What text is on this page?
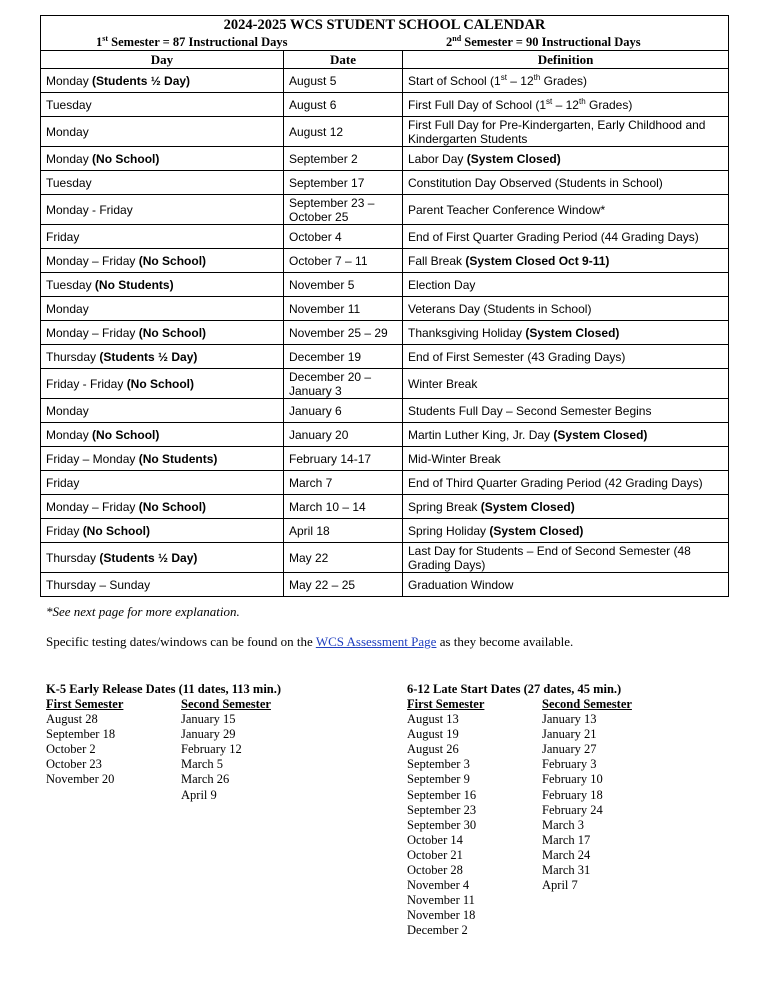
2024-2025 WCS STUDENT SCHOOL CALENDAR
1st Semester = 87 Instructional Days 2nd Semester = 90 Instructional Days		

Day	Date	Definition
Monday (Students ½ Day)	August 5	Start of School (1st – 12th Grades)
Tuesday	August 6	First Full Day of School (1st – 12th Grades)
Monday	August 12	First Full Day for Pre-Kindergarten, Early Childhood and Kindergarten Students
Monday (No School)	September 2	Labor Day (System Closed)
Tuesday	September 17	Constitution Day Observed (Students in School)
Monday - Friday	September 23 – October 25	Parent Teacher Conference Window*
Friday	October 4	End of First Quarter Grading Period (44 Grading Days)
Monday – Friday (No School)	October 7 – 11	Fall Break (System Closed Oct 9-11)
Tuesday (No Students)	November 5	Election Day
Monday	November 11	Veterans Day (Students in School)
Monday – Friday (No School)	November 25 – 29	Thanksgiving Holiday (System Closed)
Thursday (Students ½ Day)	December 19	End of First Semester (43 Grading Days)
Friday - Friday (No School)	December 20 – January 3	Winter Break
Monday	January 6	Students Full Day – Second Semester Begins
Monday (No School)	January 20	Martin Luther King, Jr. Day (System Closed)
Friday – Monday (No Students)	February 14-17	Mid-Winter Break
Friday	March 7	End of Third Quarter Grading Period (42 Grading Days)
Monday – Friday (No School)	March 10 – 14	Spring Break (System Closed)
Friday (No School)	April 18	Spring Holiday (System Closed)
Thursday (Students ½ Day)	May 22	Last Day for Students – End of Second Semester (48 Grading Days)
Thursday – Sunday	May 22 – 25	Graduation Window
*See next page for more explanation.
Specific testing dates/windows can be found on the WCS Assessment Page as they become available.
K-5 Early Release Dates (11 dates, 113 min.)
First Semester
August 28
September 18
October 2
October 23
November 20
Second Semester
January 15
January 29
February 12
March 5
March 26
April 9
6-12 Late Start Dates (27 dates, 45 min.)
First Semester
August 13
August 19
August 26
September 3
September 9
September 16
September 23
September 30
October 14
October 21
October 28
November 4
November 11
November 18
December 2
Second Semester
January 13
January 21
January 27
February 3
February 10
February 18
February 24
March 3
March 17
March 24
March 31
April 7
